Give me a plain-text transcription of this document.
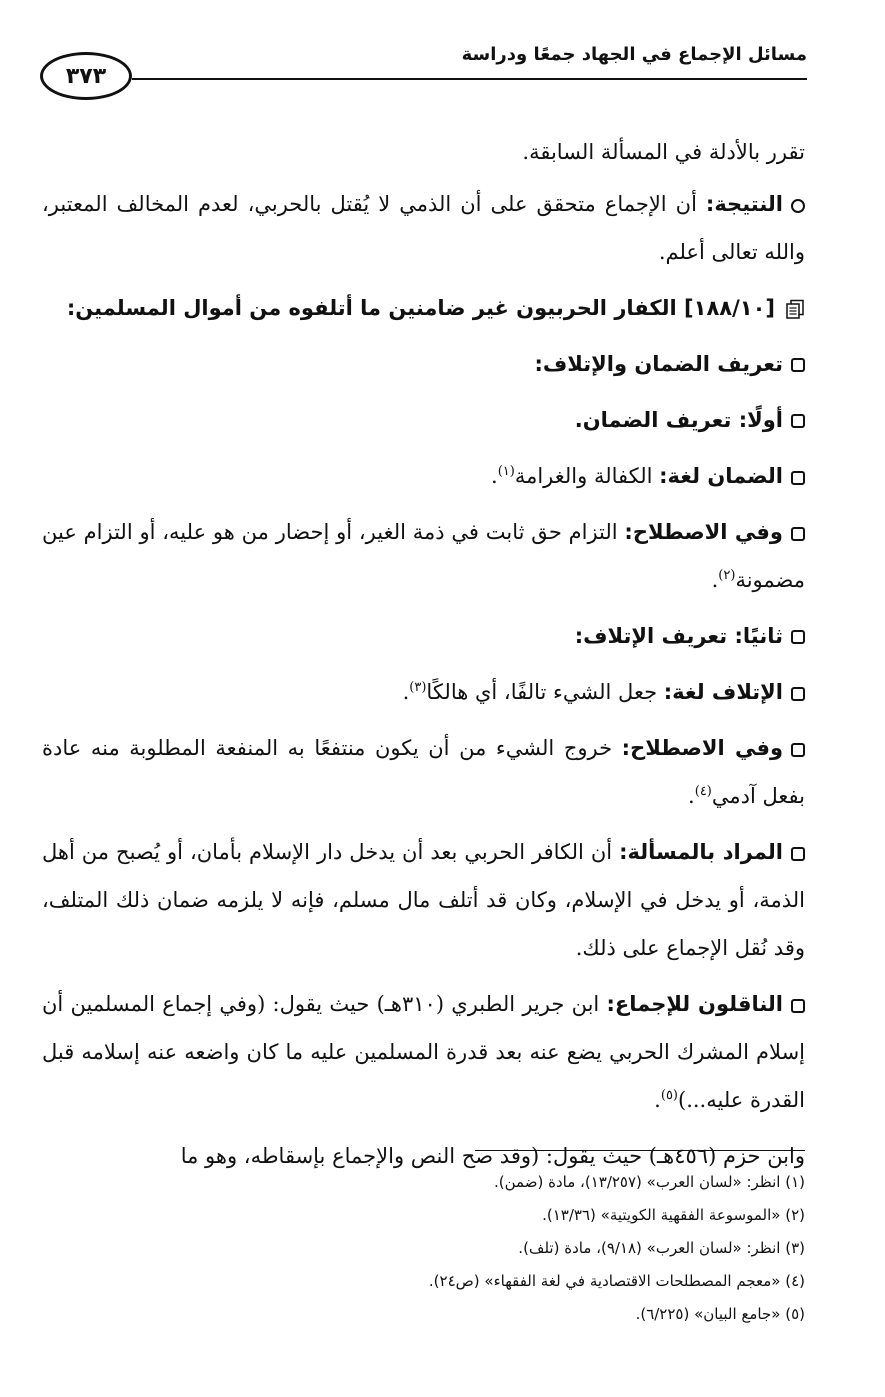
مسائل الإجماع في الجهاد جمعًا ودراسة
٣٧٣

تقرر بالأدلة في المسألة السابقة.

النتيجة: أن الإجماع متحقق على أن الذمي لا يُقتل بالحربي، لعدم المخالف المعتبر، والله تعالى أعلم.

[١٨٨/١٠] الكفار الحربيون غير ضامنين ما أتلفوه من أموال المسلمين:

تعريف الضمان والإتلاف:

أولًا: تعريف الضمان.

الضمان لغة: الكفالة والغرامة$^{(١)}$.

وفي الاصطلاح: التزام حق ثابت في ذمة الغير، أو إحضار من هو عليه، أو التزام عين مضمونة$^{(٢)}$.

ثانيًا: تعريف الإتلاف:

الإتلاف لغة: جعل الشيء تالفًا، أي هالكًا$^{(٣)}$.

وفي الاصطلاح: خروج الشيء من أن يكون منتفعًا به المنفعة المطلوبة منه عادة بفعل آدمي$^{(٤)}$.

المراد بالمسألة: أن الكافر الحربي بعد أن يدخل دار الإسلام بأمان، أو يُصبح من أهل الذمة، أو يدخل في الإسلام، وكان قد أتلف مال مسلم، فإنه لا يلزمه ضمان ذلك المتلف، وقد نُقل الإجماع على ذلك.

الناقلون للإجماع: ابن جرير الطبري (٣١٠هـ) حيث يقول: (وفي إجماع المسلمين أن إسلام المشرك الحربي يضع عنه بعد قدرة المسلمين عليه ما كان واضعه عنه إسلامه قبل القدرة عليه...)$^{(٥)}$.

وابن حزم (٤٥٦هـ) حيث يقول: (وقد صح النص والإجماع بإسقاطه، وهو ما

(١) انظر: «لسان العرب» (١٣/٢٥٧)، مادة (ضمن).
(٢) «الموسوعة الفقهية الكويتية» (١٣/٣٦).
(٣) انظر: «لسان العرب» (٩/١٨)، مادة (تلف).
(٤) «معجم المصطلحات الاقتصادية في لغة الفقهاء» (ص٢٤).
(٥) «جامع البيان» (٦/٢٢٥).
